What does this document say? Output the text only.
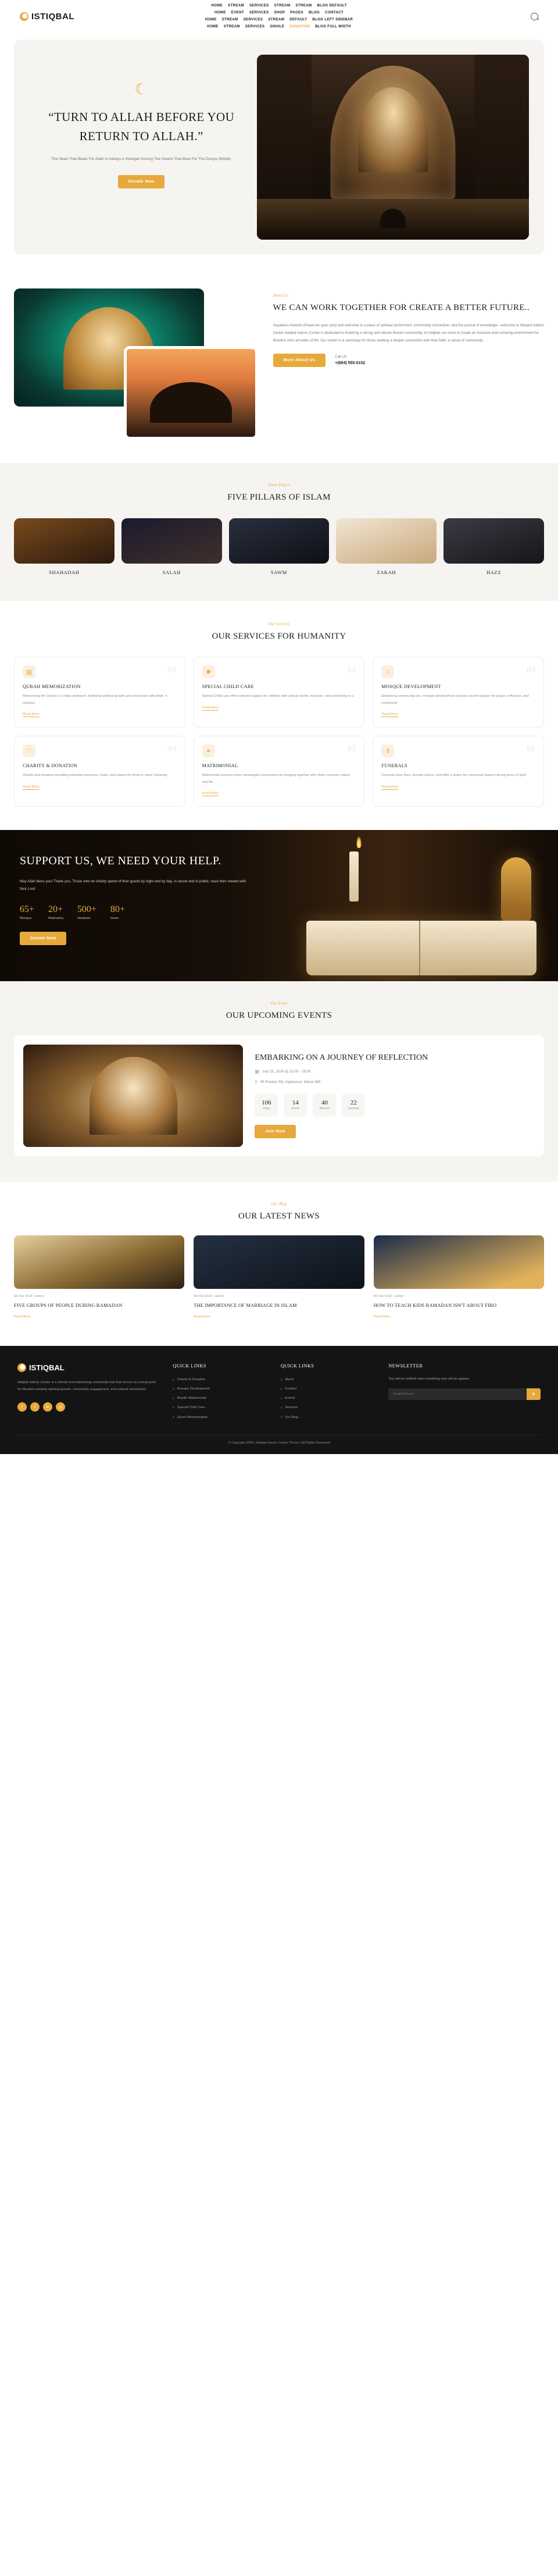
ISTIQBAL
HOME STREAM SERVICES STREAM STREAM BLOG DEFAULT
HOME EVENT SERVICES SHOP PAGES BLOG CONTACT
HOME STREAM SERVICES STREAM DEFAULT BLOG LEFT SIDEBAR
HOME STREAM SERVICES SINGLE DONATION BLOG FULL WIDTH
☾
“TURN TO ALLAH BEFORE YOU RETURN TO ALLAH.”
The Heart That Beats For Allah Is Always A Stranger Among The Hearts That Beat For The Dunya (World).
Donate Now
About Us
WE CAN WORK TOGETHER FOR CREATE A BETTER FUTURE..
Asyalamu Alaikum (Peace be upon you) and welcome to a place of spiritual enrichment, community connection, and the pursuit of knowledge—welcome to Masjed Islamic Center.Istiqbal Islamic Center is dedicated to fostering a strong and vibrant Muslim community. At Istiqbal, we strive to create an inclusive and nurturing environment for Muslims from all walks of life. Our center is a sanctuary for those seeking a deeper connection with their faith, a sense of community.
More About Us
Call Us
+(684) 555-0102
Islam Pillars
FIVE PILLARS OF ISLAM
SHAHADAH	SALAH	SAWM	ZAKAH	HAZZ
Our Services
OUR SERVICES FOR HUMANITY
▤	01
QURAH MEMORIZATION
Memorizing the Quran is a noble endeavor, fostering spiritual growth and connection with Allah. It requires
Read More
☻	02
SPECIAL CHILD CARE
Special Child care offers tailored support for children with unique needs, inclusion, and well-being in a
Read More
⌂	03
MOSQUE DEVELOPMENT
Enhancing community ties, mosque development ensures sacred spaces for prayer, reflection, and communal
Read More
♡	04
CHARITY & DONATION
Charity and donation providing essential resources, hope, and support to those in need, fostering
Read More
⚭	05
MATRIMONIAL
Matrimonial services foster meaningful connections by bringing together who share common values and life.
Read More
⚱	06
FUNERALS
Funerals have lives, provide solace, and offer a space for communal support during times of grief
Read More
SUPPORT US, WE NEED YOUR HELP.
May Allah bless you! Thank you, Those who do charity spend of their goods by night and by day, in secret and in public, have their reward with their Lord
65+
Mosque
20+
Madrasha
500+
Students
80+
Imam
Donate Now
Our Event
OUR UPCOMING EVENTS
EMBARKING ON A JOURNEY OF REFLECTION
🗓 July 25, 2024 @ 15:00 - 19:00
⚲ 95 Preston Rd, Inglewood, Maine 980
106
Days
14
Hours
40
Minutes
22
Seconds
Join Now
Our Blog
OUR LATEST NEWS
06 Feb 2024 • admin
FIVE GROUPS OF PEOPLE DURING RAMADAN
Read More
06 Feb 2024 • admin
THE IMPORTANCE OF MARRIAGE IN ISLAM
Read More
06 Feb 2024 • admin
HOW TO TEACH KIDS RAMADAN ISN'T ABOUT FIRO
Read More
ISTIQBAL
Istiqbal Islamic Center is a vibrant and welcoming community hub that serves as a focal point for Muslims seeking spiritual growth, community engagement, and cultural enrichment.
f	t	in	◎
QUICK LINKS
› Charity & Donation
› Mosque Development
› Muslim Matrimonial
› Special Child Care
› Quran Memorization
QUICK LINKS
› About
› Contact
› Events
› Services
› Our Blog
NEWSLETTER
You will be notified when somthing new will be appear.
Email Address
➤
© Copyright 2024 | Istiqbal Islamic Center Theme | All Rights Reserved
